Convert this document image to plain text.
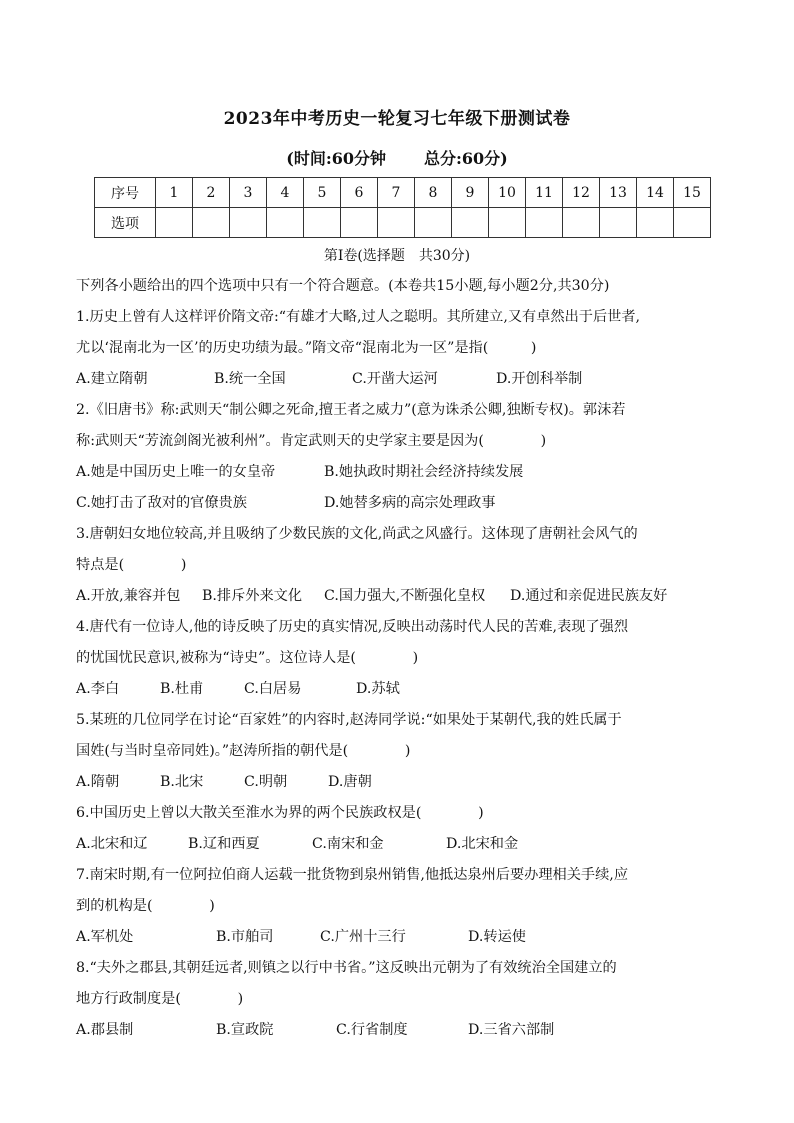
2023年中考历史一轮复习七年级下册测试卷
(时间:60分钟 总分:60分)
序号	1	2	3	4	5	6	7	8	9	10	11	12	13	14	15
选项															
第Ⅰ卷(选择题　共30分)
下列各小题给出的四个选项中只有一个符合题意。(本卷共15小题,每小题2分,共30分)
1.历史上曾有人这样评价隋文帝:“有雄才大略,过人之聪明。其所建立,又有卓然出于后世者,
尤以‘混南北为一区’的历史功绩为最。”隋文帝“混南北为一区”是指(　　　)
A.建立隋朝	B.统一全国	C.开凿大运河	D.开创科举制
2.《旧唐书》称:武则天“制公卿之死命,擅王者之威力”(意为诛杀公卿,独断专权)。郭沫若
称:武则天“芳流剑阁光被利州”。肯定武则天的史学家主要是因为(　　　　)
A.她是中国历史上唯一的女皇帝	B.她执政时期社会经济持续发展
C.她打击了敌对的官僚贵族	D.她替多病的高宗处理政事
3.唐朝妇女地位较高,并且吸纳了少数民族的文化,尚武之风盛行。这体现了唐朝社会风气的
特点是(　　　　)
A.开放,兼容并包 B.排斥外来文化 C.国力强大,不断强化皇权 D.通过和亲促进民族友好
4.唐代有一位诗人,他的诗反映了历史的真实情况,反映出动荡时代人民的苦难,表现了强烈
的忧国忧民意识,被称为“诗史”。这位诗人是(　　　　)
A.李白	B.杜甫	C.白居易	D.苏轼
5.某班的几位同学在讨论“百家姓”的内容时,赵涛同学说:“如果处于某朝代,我的姓氏属于
国姓(与当时皇帝同姓)。”赵涛所指的朝代是(　　　　)
A.隋朝	B.北宋	C.明朝	D.唐朝
6.中国历史上曾以大散关至淮水为界的两个民族政权是(　　　　)
A.北宋和辽	B.辽和西夏	C.南宋和金	D.北宋和金
7.南宋时期,有一位阿拉伯商人运载一批货物到泉州销售,他抵达泉州后要办理相关手续,应
到的机构是(　　　　)
A.军机处	B.市舶司	C.广州十三行	D.转运使
8.“夫外之郡县,其朝廷远者,则镇之以行中书省。”这反映出元朝为了有效统治全国建立的
地方行政制度是(　　　　)
A.郡县制	B.宣政院	C.行省制度	D.三省六部制
